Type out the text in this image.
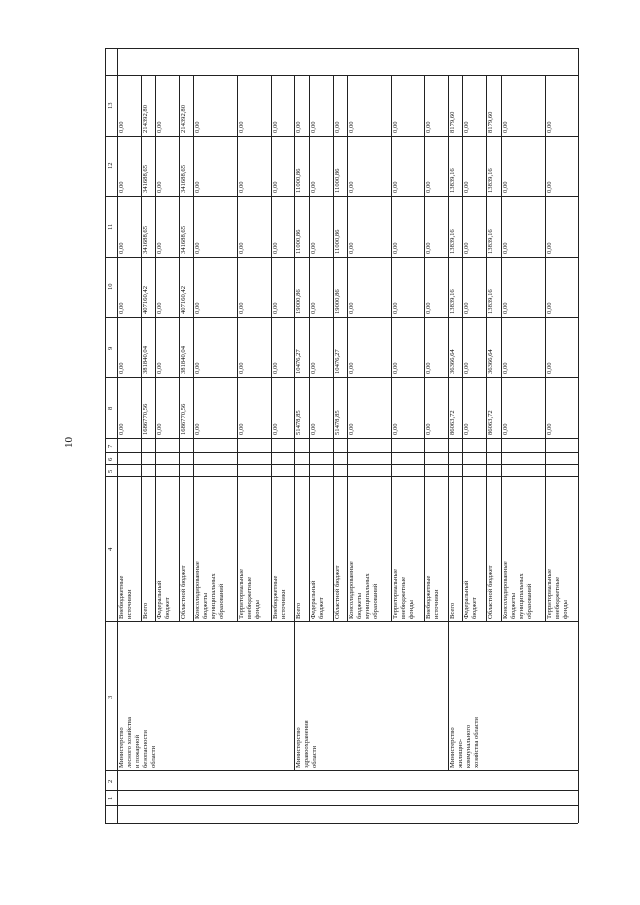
10
1
2
3
4
5
6
7
8
9
10
11
12
13
Внебюджетные источники
0,00
0,00
0,00
0,00
0,00
0,00
Всего
1686770,56
381840,04
407160,42
341688,65
341688,65
214392,80
Федеральный бюджет
0,00
0,00
0,00
0,00
0,00
0,00
Областной бюджет
1686770,56
381840,04
407160,42
341688,65
341688,65
214392,80
Консолидированные бюджеты муниципальных образований
0,00
0,00
0,00
0,00
0,00
0,00
Территориальные внебюджетные фонды
0,00
0,00
0,00
0,00
0,00
0,00
Внебюджетные источники
0,00
0,00
0,00
0,00
0,00
0,00
Всего
51478,85
10476,27
19000,86
11000,86
11000,86
0,00
Федеральный бюджет
0,00
0,00
0,00
0,00
0,00
0,00
Областной бюджет
51478,85
10476,27
19000,86
11000,86
11000,86
0,00
Консолидированные бюджеты муниципальных образований
0,00
0,00
0,00
0,00
0,00
0,00
Территориальные внебюджетные фонды
0,00
0,00
0,00
0,00
0,00
0,00
Внебюджетные источники
0,00
0,00
0,00
0,00
0,00
0,00
Всего
86063,72
36366,64
13839,16
13839,16
13839,16
8179,60
Федеральный бюджет
0,00
0,00
0,00
0,00
0,00
0,00
Областной бюджет
86063,72
36366,64
13839,16
13839,16
13839,16
8179,60
Консолидированные бюджеты муниципальных образований
0,00
0,00
0,00
0,00
0,00
0,00
Территориальные внебюджетные фонды
0,00
0,00
0,00
0,00
0,00
0,00
Министерство лесного хозяйства и пожарной безопасности области	Министерство здравоохранения области	Министерство жилищно- коммунального хозяйства области
